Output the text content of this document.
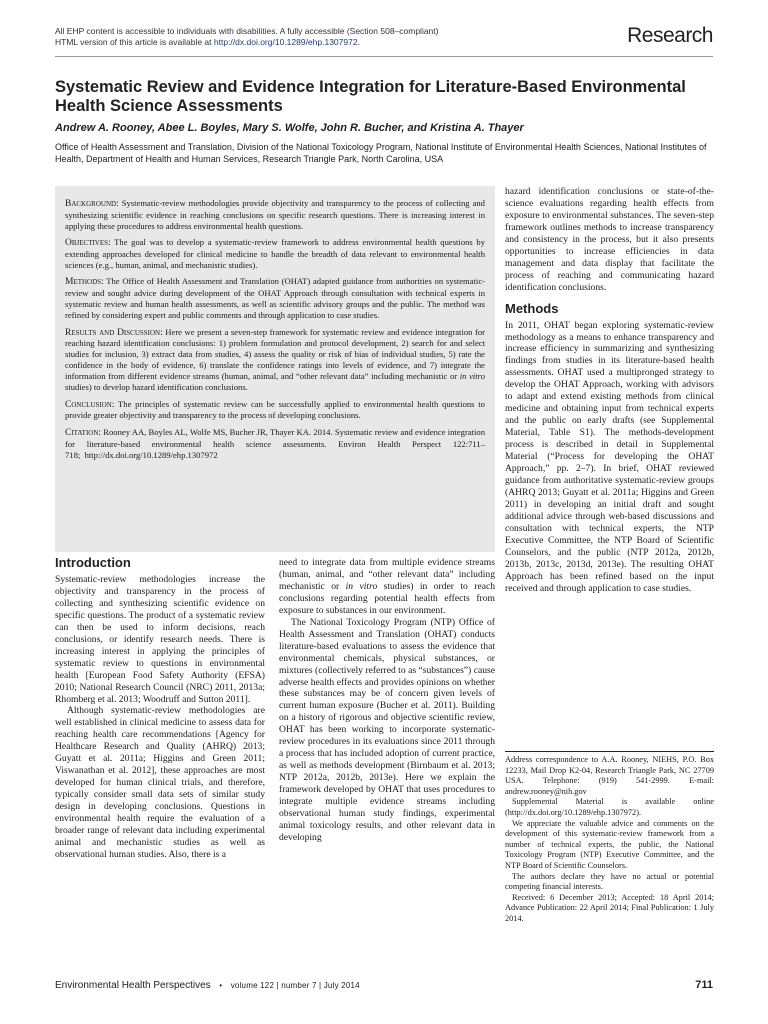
All EHP content is accessible to individuals with disabilities. A fully accessible (Section 508–compliant)
HTML version of this article is available at http://dx.doi.org/10.1289/ehp.1307972.	Research
Systematic Review and Evidence Integration for Literature-Based Environmental Health Science Assessments
Andrew A. Rooney, Abee L. Boyles, Mary S. Wolfe, John R. Bucher, and Kristina A. Thayer
Office of Health Assessment and Translation, Division of the National Toxicology Program, National Institute of Environmental Health Sciences, National Institutes of Health, Department of Health and Human Services, Research Triangle Park, North Carolina, USA

Background: Systematic-review methodologies provide objectivity and transparency to the process of collecting and synthesizing scientific evidence in reaching conclusions on specific research questions. There is increasing interest in applying these procedures to address environmental health questions.

Objectives: The goal was to develop a systematic-review framework to address environmental health questions by extending approaches developed for clinical medicine to handle the breadth of data relevant to environmental health sciences (e.g., human, animal, and mechanistic studies).

Methods: The Office of Health Assessment and Translation (OHAT) adapted guidance from authorities on systematic-review and sought advice during development of the OHAT Approach through consultation with technical experts in systematic review and human health assessments, as well as scientific advisory groups and the public. The method was refined by considering expert and public comments and through application to case studies.

Results and Discussion: Here we present a seven-step framework for systematic review and evidence integration for reaching hazard identification conclusions: 1) problem formulation and protocol development, 2) search for and select studies for inclusion, 3) extract data from studies, 4) assess the quality or risk of bias of individual studies, 5) rate the confidence in the body of evidence, 6) translate the confidence ratings into levels of evidence, and 7) integrate the information from different evidence streams (human, animal, and “other relevant data” including mechanistic or in vitro studies) to develop hazard identification conclusions.

Conclusion: The principles of systematic review can be successfully applied to environmental health questions to provide greater objectivity and transparency to the process of developing conclusions.

Citation: Rooney AA, Boyles AL, Wolfe MS, Bucher JR, Thayer KA. 2014. Systematic review and evidence integration for literature-based environmental health science assessments. Environ Health Perspect 122:711–718;  http://dx.doi.org/10.1289/ehp.1307972

Introduction

Systematic-review methodologies increase the objectivity and transparency in the process of collecting and synthesizing scientific evidence on specific questions. The product of a systematic review can then be used to inform decisions, reach conclusions, or identify research needs. There is increasing interest in applying the principles of systematic review to questions in environmental health [European Food Safety Authority (EFSA) 2010; National Research Council (NRC) 2011, 2013a; Rhomberg et al. 2013; Woodruff and Sutton 2011].

Although systematic-review methodologies are well established in clinical medicine to assess data for reaching health care recommendations [Agency for Healthcare Research and Quality (AHRQ) 2013; Guyatt et al. 2011a; Higgins and Green 2011; Viswanathan et al. 2012], these approaches are most developed for human clinical trials, and therefore, typically consider small data sets of similar study design in developing conclusions. Questions in environmental health require the evaluation of a broader range of relevant data including experimental animal and mechanistic studies as well as observational human studies. Also, there is a

need to integrate data from multiple evidence streams (human, animal, and “other relevant data” including mechanistic or in vitro studies) in order to reach conclusions regarding potential health effects from exposure to substances in our environment.

The National Toxicology Program (NTP) Office of Health Assessment and Translation (OHAT) conducts literature-based evaluations to assess the evidence that environmental chemicals, physical substances, or mixtures (collectively referred to as “substances”) cause adverse health effects and provides opinions on whether these substances may be of concern given levels of current human exposure (Bucher et al. 2011). Building on a history of rigorous and objective scientific review, OHAT has been working to incorporate systematic-review procedures in its evaluations since 2011 through a process that has included adoption of current practice, as well as methods development (Birnbaum et al. 2013; NTP 2012a, 2012b, 2013e). Here we explain the framework developed by OHAT that uses procedures to integrate multiple evidence streams including observational human study findings, experimental animal toxicology results, and other relevant data in developing

hazard identification conclusions or state-of-the-science evaluations regarding health effects from exposure to environmental substances. The seven-step framework outlines methods to increase transparency and consistency in the process, but it also presents opportunities to increase efficiencies in data management and data display that facilitate the process of reaching and communicating hazard identification conclusions.

Methods

In 2011, OHAT began exploring systematic-review methodology as a means to enhance transparency and increase efficiency in summarizing and synthesizing findings from studies in its literature-based health assessments. OHAT used a multipronged strategy to develop the OHAT Approach, working with advisors to adapt and extend existing methods from clinical medicine and obtaining input from technical experts and the public on early drafts (see Supplemental Material, Table S1). The methods-development process is described in detail in Supplemental Material (“Process for developing the OHAT Approach,” pp. 2–7). In brief, OHAT reviewed guidance from authoritative systematic-review groups (AHRQ 2013; Guyatt et al. 2011a; Higgins and Green 2011) in developing an initial draft and sought additional advice through web-based discussions and consultation with technical experts, the NTP Executive Committee, the NTP Board of Scientific Counselors, and the public (NTP 2012a, 2012b, 2013b, 2013c, 2013d, 2013e). The resulting OHAT Approach has been refined based on the input received and through application to case studies.

Address correspondence to A.A. Rooney, NIEHS, P.O. Box 12233, Mail Drop K2-04, Research Triangle Park, NC 27709 USA. Telephone: (919) 541-2999. E-mail: andrew.rooney@nih.gov

Supplemental Material is available online (http://dx.doi.org/10.1289/ehp.1307972).

We appreciate the valuable advice and comments on the development of this systematic-review framework from a number of technical experts, the public, the National Toxicology Program (NTP) Executive Committee, and the NTP Board of Scientific Counselors.

The authors declare they have no actual or potential competing financial interests.

Received: 6 December 2013; Accepted: 18 April 2014; Advance Publication: 22 April 2014; Final Publication: 1 July 2014.

Environmental Health Perspectives • volume 122 | number 7 | July 2014	711
